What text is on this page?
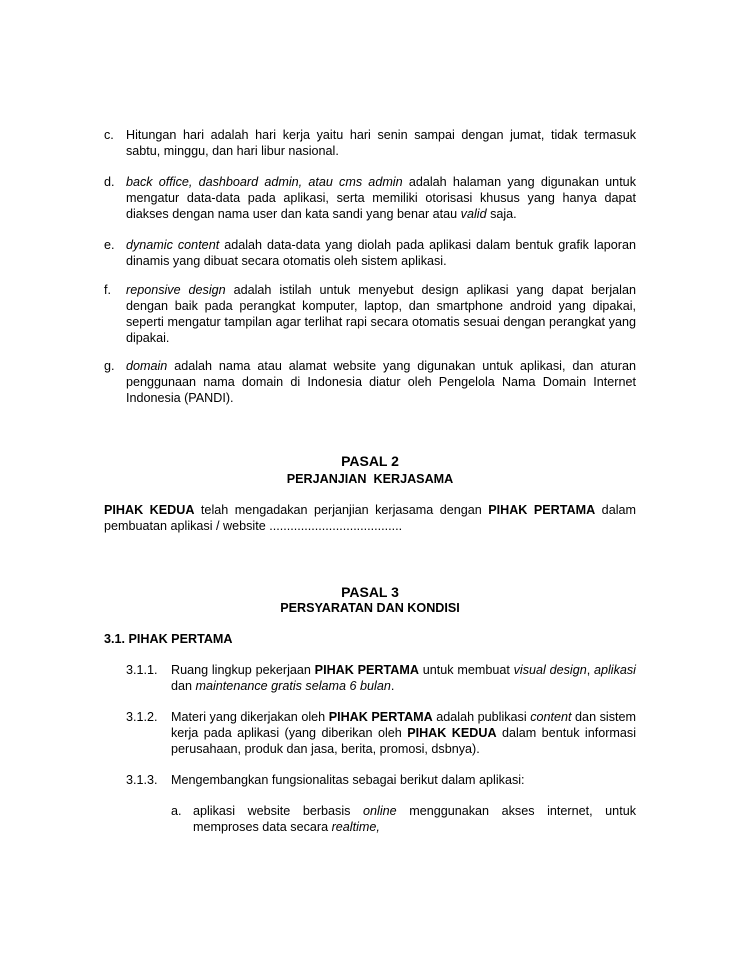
c. Hitungan hari adalah hari kerja yaitu hari senin sampai dengan jumat, tidak termasuk sabtu, minggu, dan hari libur nasional.
d. back office, dashboard admin, atau cms admin adalah halaman yang digunakan untuk mengatur data-data pada aplikasi, serta memiliki otorisasi khusus yang hanya dapat diakses dengan nama user dan kata sandi yang benar atau valid saja.
e. dynamic content adalah data-data yang diolah pada aplikasi dalam bentuk grafik laporan dinamis yang dibuat secara otomatis oleh sistem aplikasi.
f.	reponsive design adalah istilah untuk menyebut design aplikasi yang dapat berjalan dengan baik pada perangkat komputer, laptop, dan smartphone android yang dipakai, seperti mengatur tampilan agar terlihat rapi secara otomatis sesuai dengan perangkat yang dipakai.
g. domain adalah nama atau alamat website yang digunakan untuk aplikasi, dan aturan penggunaan nama domain di Indonesia diatur oleh Pengelola Nama Domain Internet Indonesia (PANDI).
PASAL 2
PERJANJIAN  KERJASAMA
PIHAK KEDUA telah mengadakan perjanjian kerjasama dengan PIHAK PERTAMA dalam pembuatan aplikasi / website ......................................
PASAL 3
PERSYARATAN DAN KONDISI
3.1. PIHAK PERTAMA
3.1.1.	Ruang lingkup pekerjaan PIHAK PERTAMA untuk membuat visual design, aplikasi dan maintenance gratis selama 6 bulan.
3.1.2.	Materi yang dikerjakan oleh PIHAK PERTAMA adalah publikasi content dan sistem kerja pada aplikasi (yang diberikan oleh PIHAK KEDUA dalam bentuk informasi perusahaan, produk dan jasa, berita, promosi, dsbnya).
3.1.3.	Mengembangkan fungsionalitas sebagai berikut dalam aplikasi:
a. aplikasi website berbasis online menggunakan akses internet, untuk memproses data secara realtime,
